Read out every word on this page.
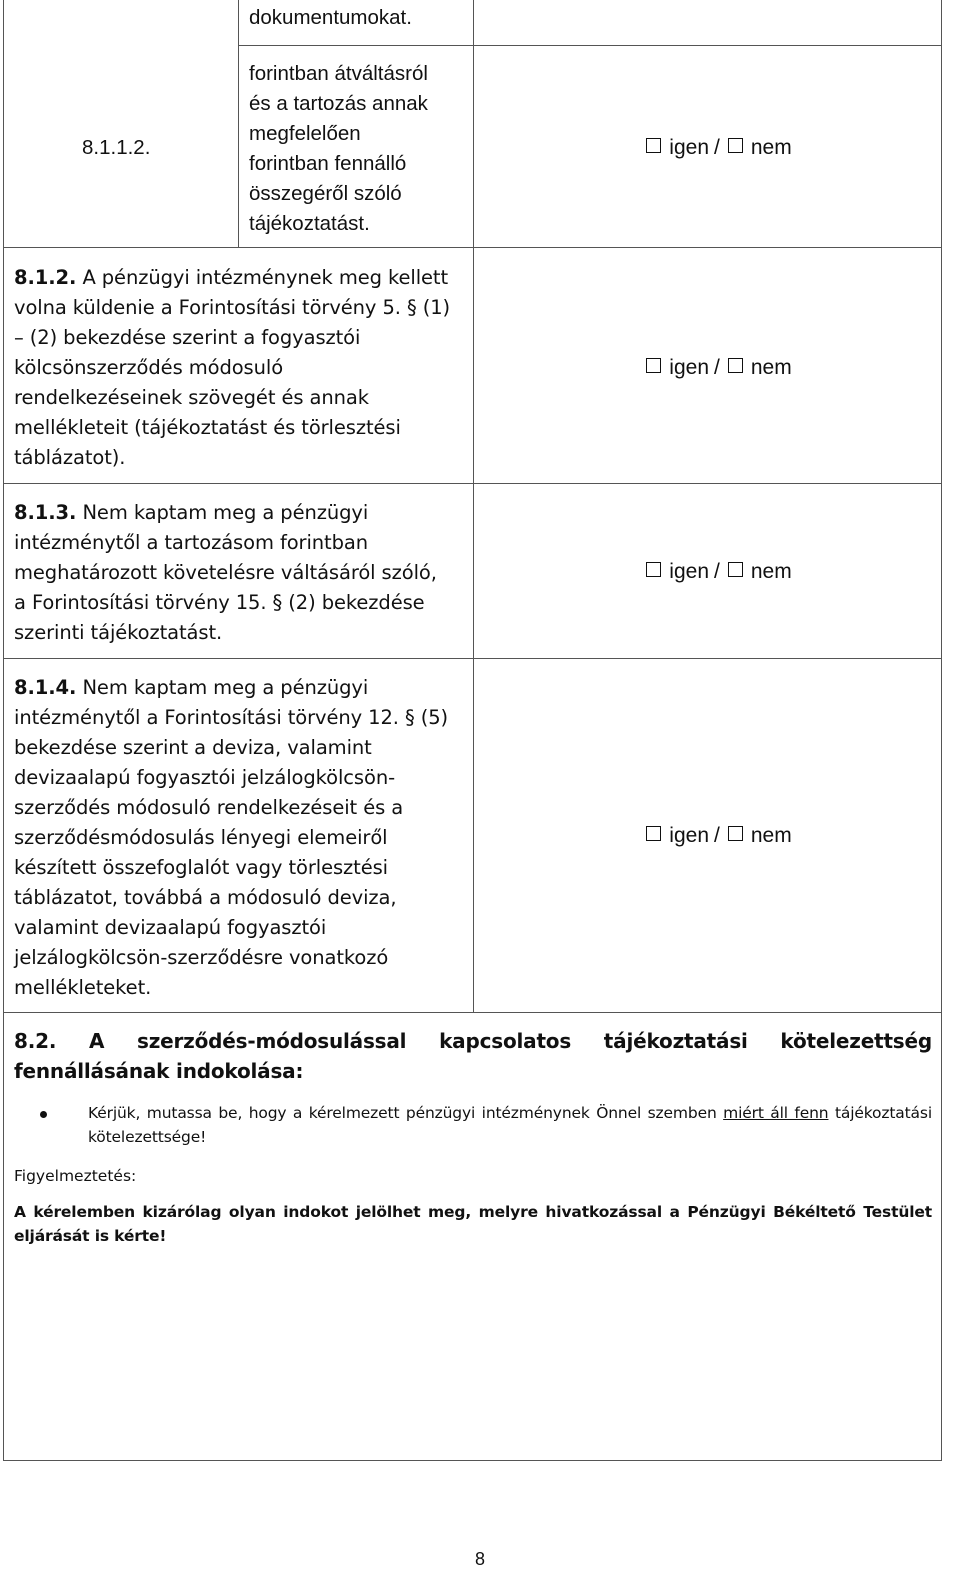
dokumentumokat.
8.1.1.2.
forintban átváltásról
és a tartozás annak
megfelelően
forintban fennálló
összegéről szóló
tájékoztatást.
igen / nem
8.1.2. A pénzügyi intézménynek meg kellett
volna küldenie a Forintosítási törvény 5. § (1)
– (2) bekezdése szerint a fogyasztói
kölcsönszerződés módosuló
rendelkezéseinek szövegét és annak
mellékleteit (tájékoztatást és törlesztési
táblázatot).
igen / nem
8.1.3. Nem kaptam meg a pénzügyi
intézménytől a tartozásom forintban
meghatározott követelésre váltásáról szóló,
a Forintosítási törvény 15. § (2) bekezdése
szerinti tájékoztatást.
igen / nem
8.1.4. Nem kaptam meg a pénzügyi
intézménytől a Forintosítási törvény 12. § (5)
bekezdése szerint a deviza, valamint
devizaalapú fogyasztói jelzálogkölcsön-
szerződés módosuló rendelkezéseit és a
szerződésmódosulás lényegi elemeiről
készített összefoglalót vagy törlesztési
táblázatot, továbbá a módosuló deviza,
valamint devizaalapú fogyasztói
jelzálogkölcsön-szerződésre vonatkozó
mellékleteket.
igen / nem
8.2. A szerződés-módosulással kapcsolatos tájékoztatási kötelezettség fennállásának indokolása:
Kérjük, mutassa be, hogy a kérelmezett pénzügyi intézménynek Önnel szemben miért áll fenn tájékoztatási kötelezettsége!
Figyelmeztetés:
A kérelemben kizárólag olyan indokot jelölhet meg, melyre hivatkozással a Pénzügyi Békéltető Testület eljárását is kérte!
8
